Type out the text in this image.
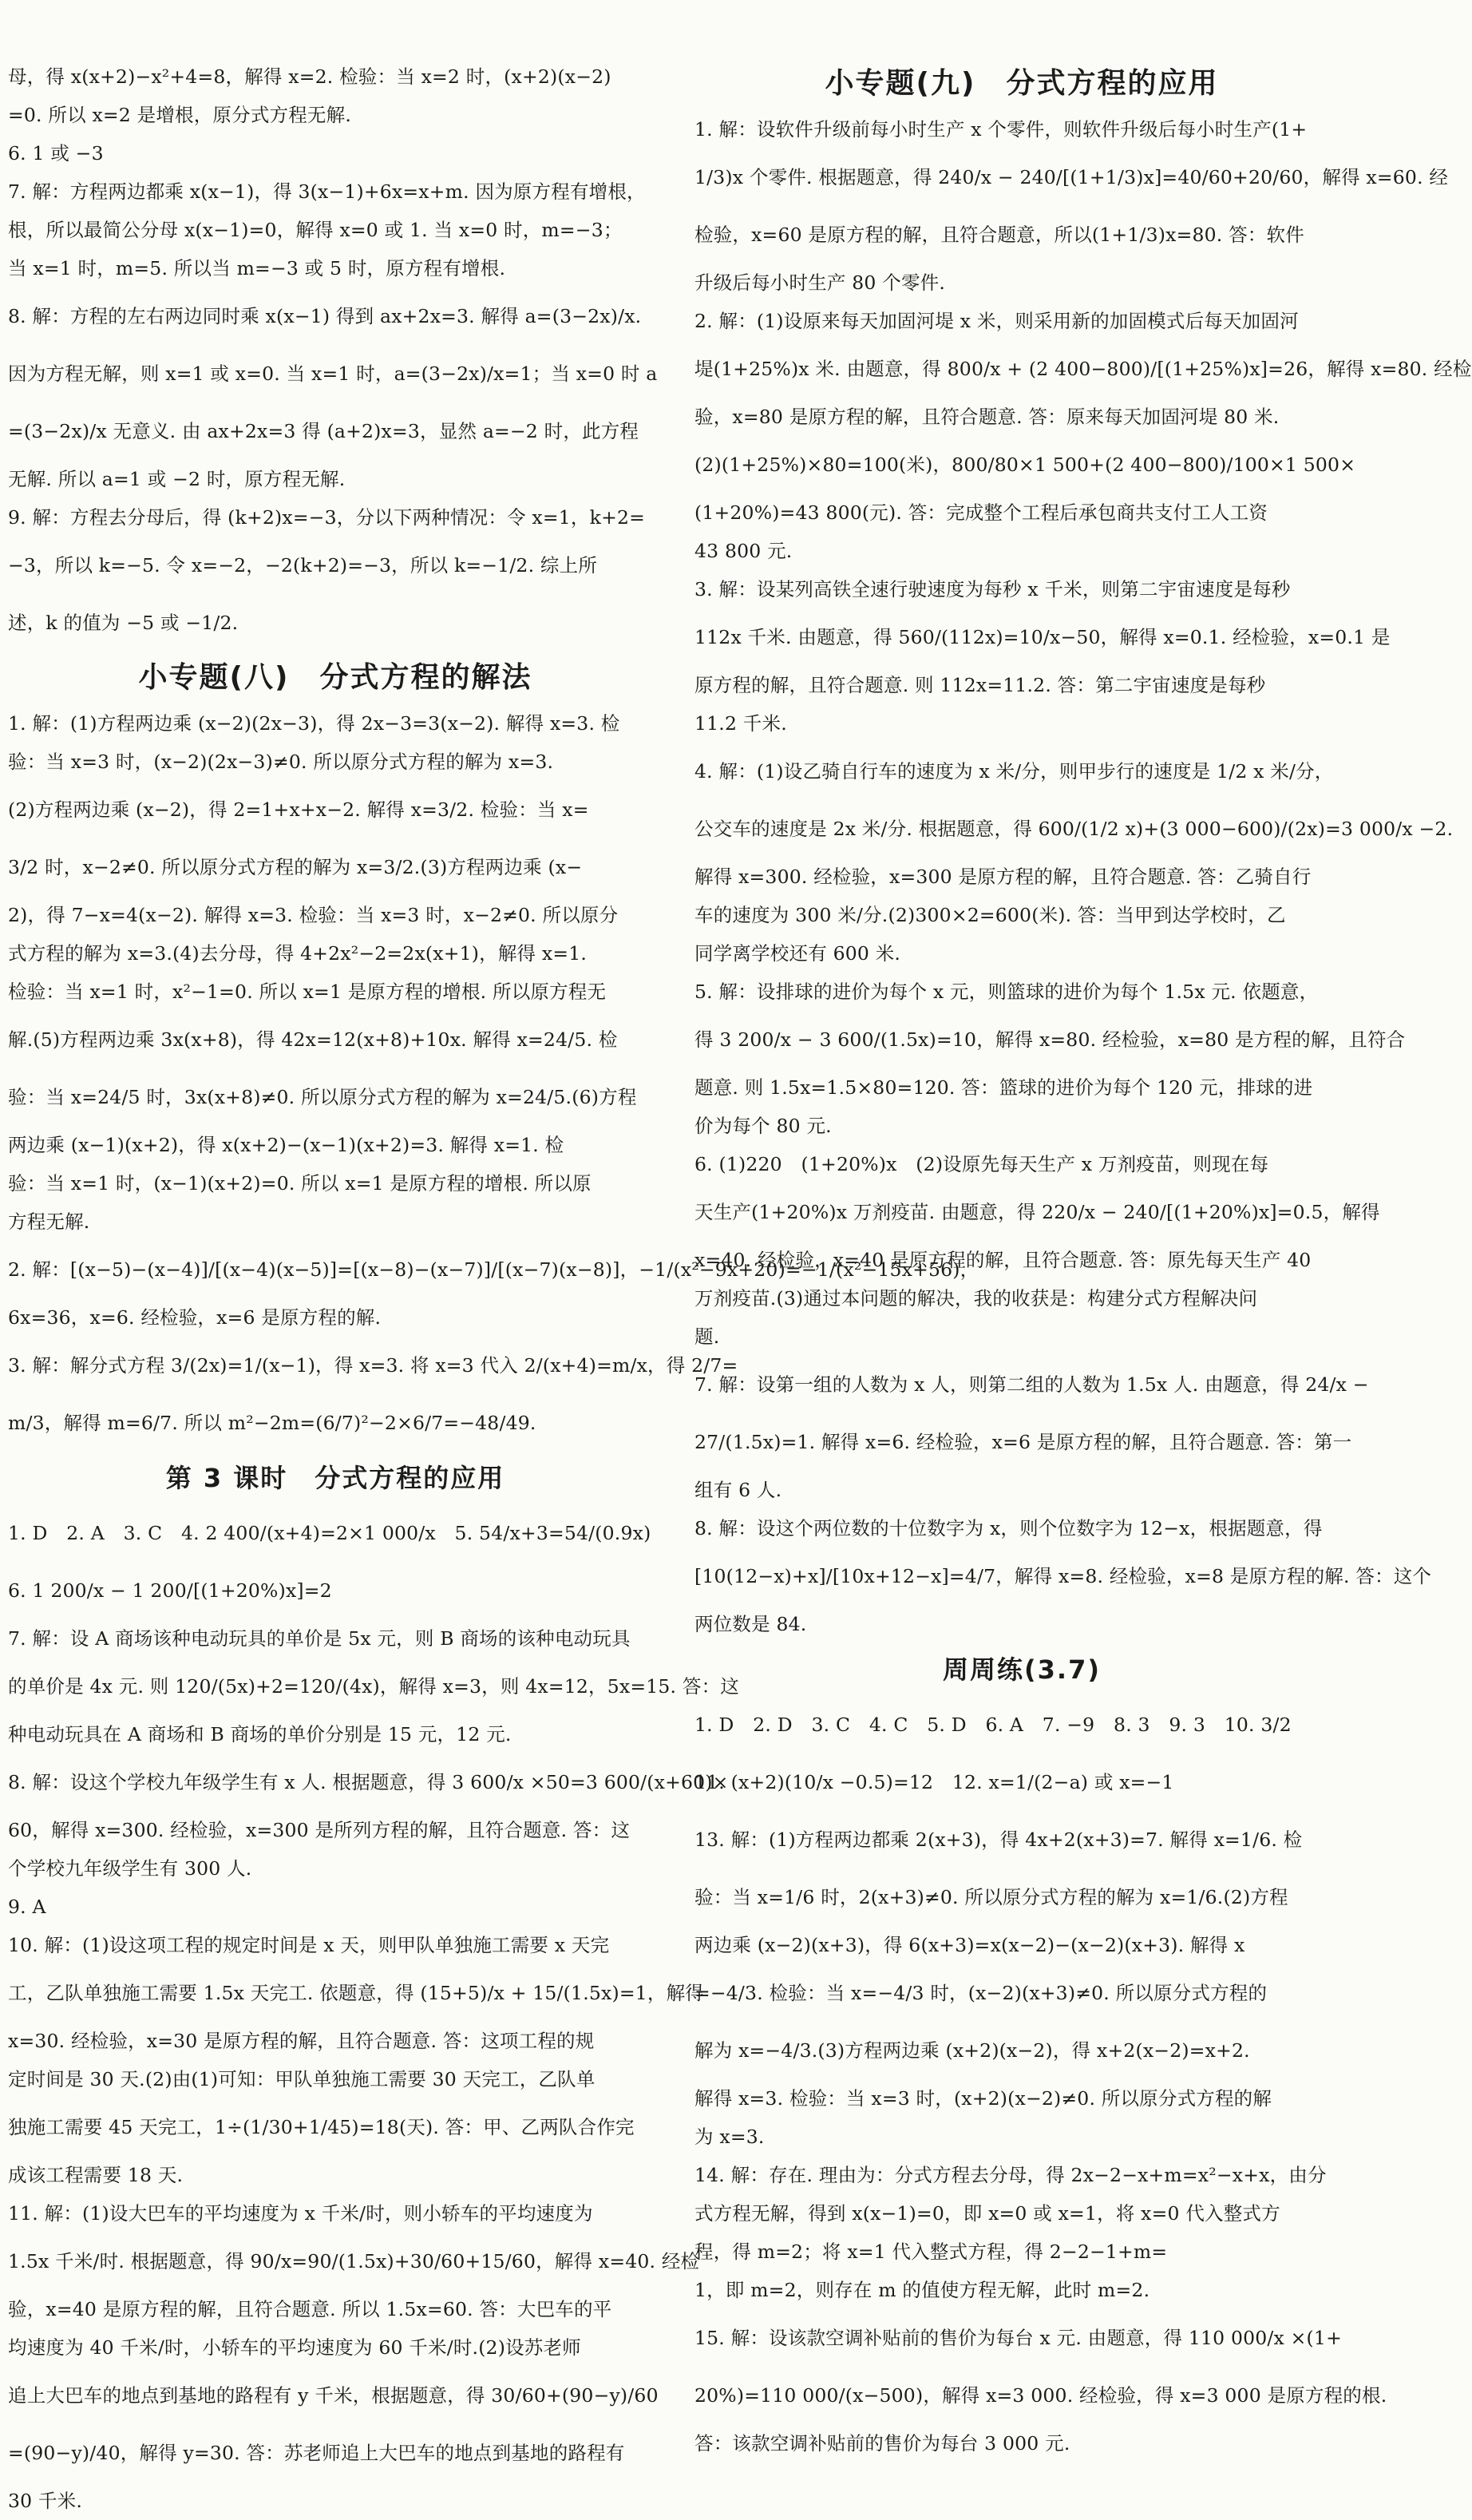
母，得 x(x+2)−x²+4=8，解得 x=2. 检验：当 x=2 时，(x+2)(x−2)
=0. 所以 x=2 是增根，原分式方程无解.
6. 1 或 −3
7. 解：方程两边都乘 x(x−1)，得 3(x−1)+6x=x+m. 因为原方程有增根，
根，所以最简公分母 x(x−1)=0，解得 x=0 或 1. 当 x=0 时，m=−3；
当 x=1 时，m=5. 所以当 m=−3 或 5 时，原方程有增根.
8. 解：方程的左右两边同时乘 x(x−1) 得到 ax+2x=3. 解得 a=(3−2x)/x.
因为方程无解，则 x=1 或 x=0. 当 x=1 时，a=(3−2x)/x=1；当 x=0 时 a
=(3−2x)/x 无意义. 由 ax+2x=3 得 (a+2)x=3，显然 a=−2 时，此方程
无解. 所以 a=1 或 −2 时，原方程无解.
9. 解：方程去分母后，得 (k+2)x=−3，分以下两种情况：令 x=1，k+2=
−3，所以 k=−5. 令 x=−2，−2(k+2)=−3，所以 k=−1/2. 综上所
述，k 的值为 −5 或 −1/2.
小专题(八)　分式方程的解法
1. 解：(1)方程两边乘 (x−2)(2x−3)，得 2x−3=3(x−2). 解得 x=3. 检
验：当 x=3 时，(x−2)(2x−3)≠0. 所以原分式方程的解为 x=3.
(2)方程两边乘 (x−2)，得 2=1+x+x−2. 解得 x=3/2. 检验：当 x=
3/2 时，x−2≠0. 所以原分式方程的解为 x=3/2.(3)方程两边乘 (x−
2)，得 7−x=4(x−2). 解得 x=3. 检验：当 x=3 时，x−2≠0. 所以原分
式方程的解为 x=3.(4)去分母，得 4+2x²−2=2x(x+1)，解得 x=1.
检验：当 x=1 时，x²−1=0. 所以 x=1 是原方程的增根. 所以原方程无
解.(5)方程两边乘 3x(x+8)，得 42x=12(x+8)+10x. 解得 x=24/5. 检
验：当 x=24/5 时，3x(x+8)≠0. 所以原分式方程的解为 x=24/5.(6)方程
两边乘 (x−1)(x+2)，得 x(x+2)−(x−1)(x+2)=3. 解得 x=1. 检
验：当 x=1 时，(x−1)(x+2)=0. 所以 x=1 是原方程的增根. 所以原
方程无解.
2. 解：[(x−5)−(x−4)]/[(x−4)(x−5)]=[(x−8)−(x−7)]/[(x−7)(x−8)]，−1/(x²−9x+20)=−1/(x²−15x+56)，
6x=36，x=6. 经检验，x=6 是原方程的解.
3. 解：解分式方程 3/(2x)=1/(x−1)，得 x=3. 将 x=3 代入 2/(x+4)=m/x，得 2/7=
m/3，解得 m=6/7. 所以 m²−2m=(6/7)²−2×6/7=−48/49.
第 3 课时　分式方程的应用
1. D　2. A　3. C　4. 2 400/(x+4)=2×1 000/x　5. 54/x+3=54/(0.9x)
6. 1 200/x − 1 200/[(1+20%)x]=2
7. 解：设 A 商场该种电动玩具的单价是 5x 元，则 B 商场的该种电动玩具
的单价是 4x 元. 则 120/(5x)+2=120/(4x)，解得 x=3，则 4x=12，5x=15. 答：这
种电动玩具在 A 商场和 B 商场的单价分别是 15 元，12 元.
8. 解：设这个学校九年级学生有 x 人. 根据题意，得 3 600/x ×50=3 600/(x+60)×
60，解得 x=300. 经检验，x=300 是所列方程的解，且符合题意. 答：这
个学校九年级学生有 300 人.
9. A
10. 解：(1)设这项工程的规定时间是 x 天，则甲队单独施工需要 x 天完
工，乙队单独施工需要 1.5x 天完工. 依题意，得 (15+5)/x + 15/(1.5x)=1，解得
x=30. 经检验，x=30 是原方程的解，且符合题意. 答：这项工程的规
定时间是 30 天.(2)由(1)可知：甲队单独施工需要 30 天完工，乙队单
独施工需要 45 天完工，1÷(1/30+1/45)=18(天). 答：甲、乙两队合作完
成该工程需要 18 天.
11. 解：(1)设大巴车的平均速度为 x 千米/时，则小轿车的平均速度为
1.5x 千米/时. 根据题意，得 90/x=90/(1.5x)+30/60+15/60，解得 x=40. 经检
验，x=40 是原方程的解，且符合题意. 所以 1.5x=60. 答：大巴车的平
均速度为 40 千米/时，小轿车的平均速度为 60 千米/时.(2)设苏老师
追上大巴车的地点到基地的路程有 y 千米，根据题意，得 30/60+(90−y)/60
=(90−y)/40，解得 y=30. 答：苏老师追上大巴车的地点到基地的路程有
30 千米.
小专题(九)　分式方程的应用
1. 解：设软件升级前每小时生产 x 个零件，则软件升级后每小时生产(1+
1/3)x 个零件. 根据题意，得 240/x − 240/[(1+1/3)x]=40/60+20/60，解得 x=60. 经
检验，x=60 是原方程的解，且符合题意，所以(1+1/3)x=80. 答：软件
升级后每小时生产 80 个零件.
2. 解：(1)设原来每天加固河堤 x 米，则采用新的加固模式后每天加固河
堤(1+25%)x 米. 由题意，得 800/x + (2 400−800)/[(1+25%)x]=26，解得 x=80. 经检
验，x=80 是原方程的解，且符合题意. 答：原来每天加固河堤 80 米.
(2)(1+25%)×80=100(米)，800/80×1 500+(2 400−800)/100×1 500×
(1+20%)=43 800(元). 答：完成整个工程后承包商共支付工人工资
43 800 元.
3. 解：设某列高铁全速行驶速度为每秒 x 千米，则第二宇宙速度是每秒
112x 千米. 由题意，得 560/(112x)=10/x−50，解得 x=0.1. 经检验，x=0.1 是
原方程的解，且符合题意. 则 112x=11.2. 答：第二宇宙速度是每秒
11.2 千米.
4. 解：(1)设乙骑自行车的速度为 x 米/分，则甲步行的速度是 1/2 x 米/分，
公交车的速度是 2x 米/分. 根据题意，得 600/(1/2 x)+(3 000−600)/(2x)=3 000/x −2.
解得 x=300. 经检验，x=300 是原方程的解，且符合题意. 答：乙骑自行
车的速度为 300 米/分.(2)300×2=600(米). 答：当甲到达学校时，乙
同学离学校还有 600 米.
5. 解：设排球的进价为每个 x 元，则篮球的进价为每个 1.5x 元. 依题意，
得 3 200/x − 3 600/(1.5x)=10，解得 x=80. 经检验，x=80 是方程的解，且符合
题意. 则 1.5x=1.5×80=120. 答：篮球的进价为每个 120 元，排球的进
价为每个 80 元.
6. (1)220　(1+20%)x　(2)设原先每天生产 x 万剂疫苗，则现在每
天生产(1+20%)x 万剂疫苗. 由题意，得 220/x − 240/[(1+20%)x]=0.5，解得
x=40. 经检验，x=40 是原方程的解，且符合题意. 答：原先每天生产 40
万剂疫苗.(3)通过本问题的解决，我的收获是：构建分式方程解决问
题.
7. 解：设第一组的人数为 x 人，则第二组的人数为 1.5x 人. 由题意，得 24/x −
27/(1.5x)=1. 解得 x=6. 经检验，x=6 是原方程的解，且符合题意. 答：第一
组有 6 人.
8. 解：设这个两位数的十位数字为 x，则个位数字为 12−x，根据题意，得
[10(12−x)+x]/[10x+12−x]=4/7，解得 x=8. 经检验，x=8 是原方程的解. 答：这个
两位数是 84.
周周练(3.7)
1. D　2. D　3. C　4. C　5. D　6. A　7. −9　8. 3　9. 3　10. 3/2
11. (x+2)(10/x −0.5)=12　12. x=1/(2−a) 或 x=−1
13. 解：(1)方程两边都乘 2(x+3)，得 4x+2(x+3)=7. 解得 x=1/6. 检
验：当 x=1/6 时，2(x+3)≠0. 所以原分式方程的解为 x=1/6.(2)方程
两边乘 (x−2)(x+3)，得 6(x+3)=x(x−2)−(x−2)(x+3). 解得 x
=−4/3. 检验：当 x=−4/3 时，(x−2)(x+3)≠0. 所以原分式方程的
解为 x=−4/3.(3)方程两边乘 (x+2)(x−2)，得 x+2(x−2)=x+2.
解得 x=3. 检验：当 x=3 时，(x+2)(x−2)≠0. 所以原分式方程的解
为 x=3.
14. 解：存在. 理由为：分式方程去分母，得 2x−2−x+m=x²−x+x，由分
式方程无解，得到 x(x−1)=0，即 x=0 或 x=1，将 x=0 代入整式方
程，得 m=2；将 x=1 代入整式方程，得 2−2−1+m=
1，即 m=2，则存在 m 的值使方程无解，此时 m=2.
15. 解：设该款空调补贴前的售价为每台 x 元. 由题意，得 110 000/x ×(1+
20%)=110 000/(x−500)，解得 x=3 000. 经检验，得 x=3 000 是原方程的根.
答：该款空调补贴前的售价为每台 3 000 元.
